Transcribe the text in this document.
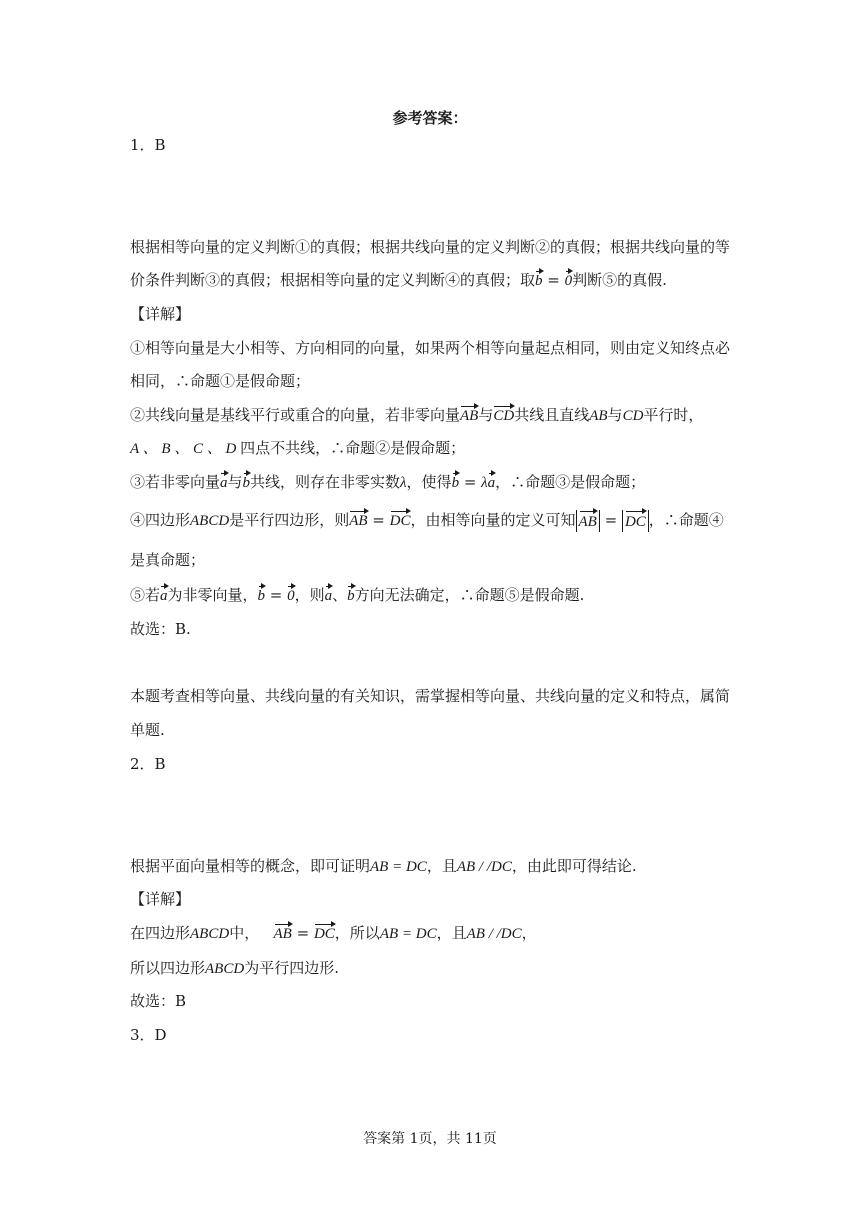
参考答案：
1．B
根据相等向量的定义判断①的真假；根据共线向量的定义判断②的真假；根据共线向量的等
价条件判断③的真假；根据相等向量的定义判断④的真假；取b = 0判断⑤的真假.
【详解】
①相等向量是大小相等、方向相同的向量，如果两个相等向量起点相同，则由定义知终点必
相同，∴命题①是假命题；
②共线向量是基线平行或重合的向量，若非零向量AB与CD共线且直线AB与CD平行时，
A 、 B 、 C 、 D 四点不共线，∴命题②是假命题；
③若非零向量a与b共线，则存在非零实数λ，使得b = λa，∴命题③是假命题；
④四边形ABCD是平行四边形，则AB = DC，由相等向量的定义可知 AB = DC ，∴命题④
是真命题；
⑤若a为非零向量，b = 0，则a、b方向无法确定，∴命题⑤是假命题.
故选：B.
本题考查相等向量、共线向量的有关知识，需掌握相等向量、共线向量的定义和特点，属简
单题.
2．B
根据平面向量相等的概念，即可证明AB = DC，且AB / /DC，由此即可得结论.
【详解】
在四边形ABCD中， AB = DC，所以AB = DC，且AB / /DC，
所以四边形ABCD为平行四边形.
故选：B
3．D
答案第 1页，共 11页
